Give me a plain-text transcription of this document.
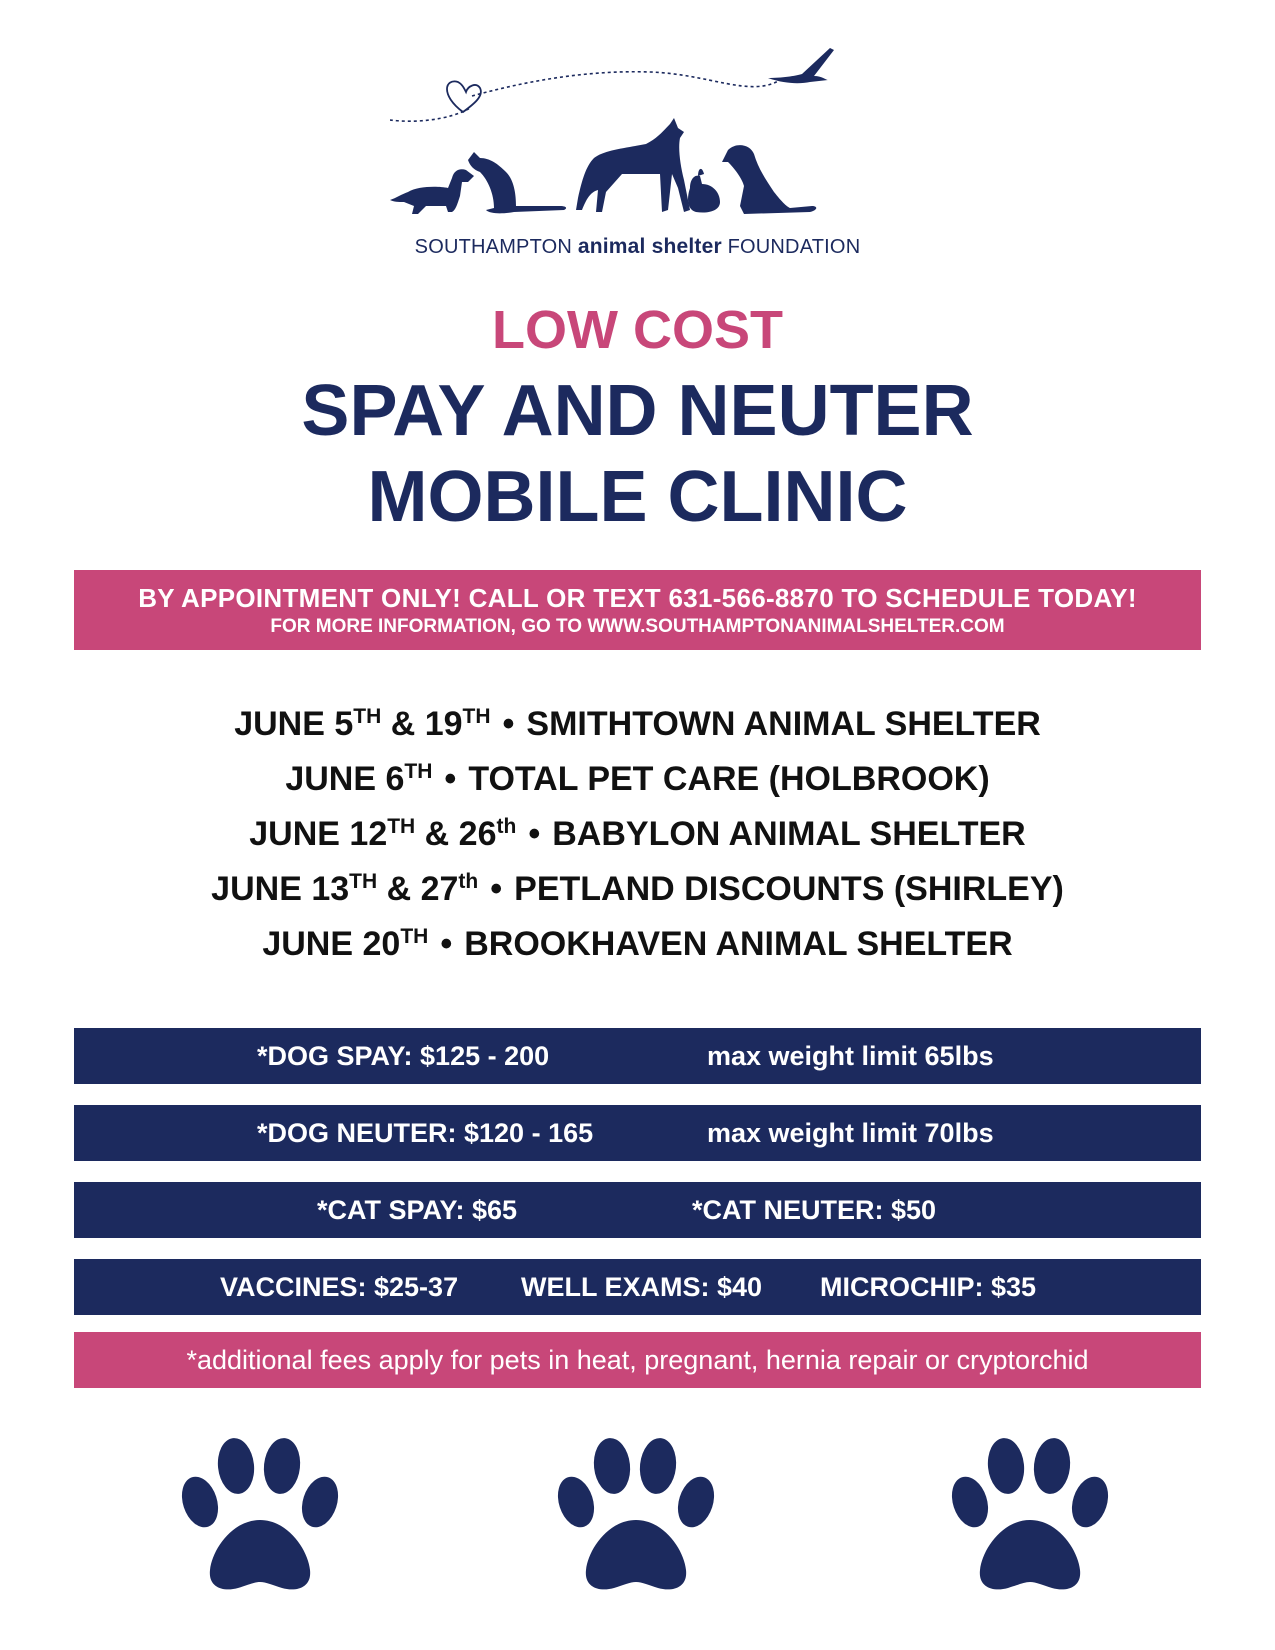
SOUTHAMPTON animal shelter FOUNDATION
LOW COST
SPAY AND NEUTER
MOBILE CLINIC
BY APPOINTMENT ONLY! CALL OR TEXT 631-566-8870 TO SCHEDULE TODAY!
FOR MORE INFORMATION, GO TO WWW.SOUTHAMPTONANIMALSHELTER.COM
JUNE 5TH & 19TH • SMITHTOWN ANIMAL SHELTER
JUNE 6TH • TOTAL PET CARE (HOLBROOK)
JUNE 12TH & 26th • BABYLON ANIMAL SHELTER
JUNE 13TH & 27th • PETLAND DISCOUNTS (SHIRLEY)
JUNE 20TH • BROOKHAVEN ANIMAL SHELTER
*DOG SPAY: $125 - 200	max weight limit 65lbs
*DOG NEUTER: $120 - 165	max weight limit 70lbs
*CAT SPAY: $65	*CAT NEUTER: $50
VACCINES: $25-37 WELL EXAMS: $40 MICROCHIP: $35
*additional fees apply for pets in heat, pregnant, hernia repair or cryptorchid
